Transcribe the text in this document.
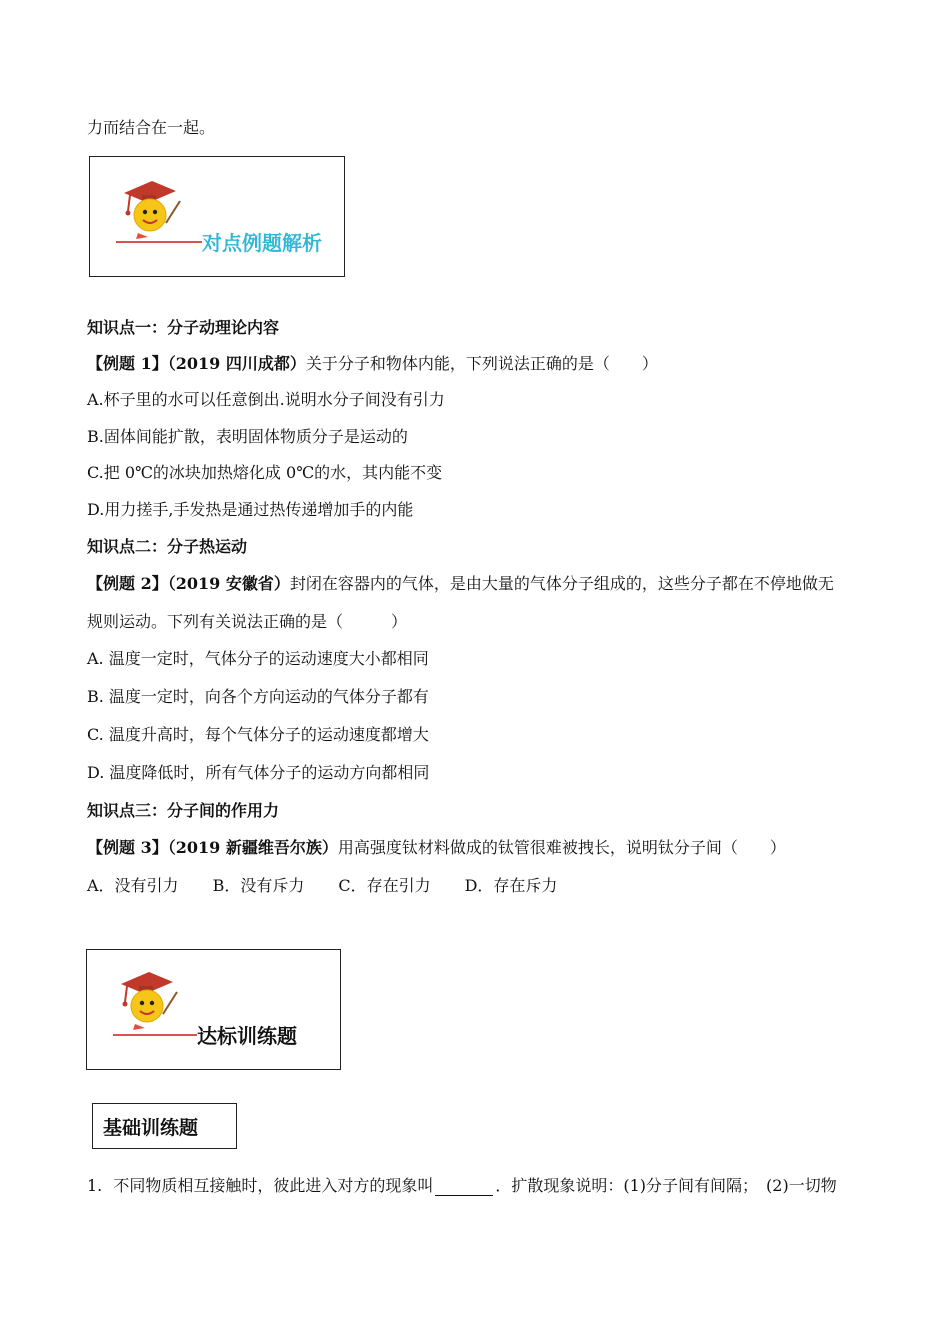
力而结合在一起。
对点例题解析
知识点一：分子动理论内容
【例题 1】（2019 四川成都）关于分子和物体内能，下列说法正确的是（　　）
A.杯子里的水可以任意倒出.说明水分子间没有引力
B.固体间能扩散，表明固体物质分子是运动的
C.把 0℃的冰块加热熔化成 0℃的水，其内能不变
D.用力搓手,手发热是通过热传递增加手的内能
知识点二：分子热运动
【例题 2】（2019 安徽省）封闭在容器内的气体，是由大量的气体分子组成的，这些分子都在不停地做无
规则运动。下列有关说法正确的是（　　　）
A. 温度一定时，气体分子的运动速度大小都相同
B. 温度一定时，向各个方向运动的气体分子都有
C. 温度升高时，每个气体分子的运动速度都增大
D. 温度降低时，所有气体分子的运动方向都相同
知识点三：分子间的作用力
【例题 3】（2019 新疆维吾尔族）用高强度钛材料做成的钛管很难被拽长，说明钛分子间（　　）
A．没有引力 B．没有斥力 C．存在引力 D．存在斥力
达标训练题
基础训练题
1. 不同物质相互接触时，彼此进入对方的现象叫	．扩散现象说明：(1)分子间有间隔；　(2)一切物
